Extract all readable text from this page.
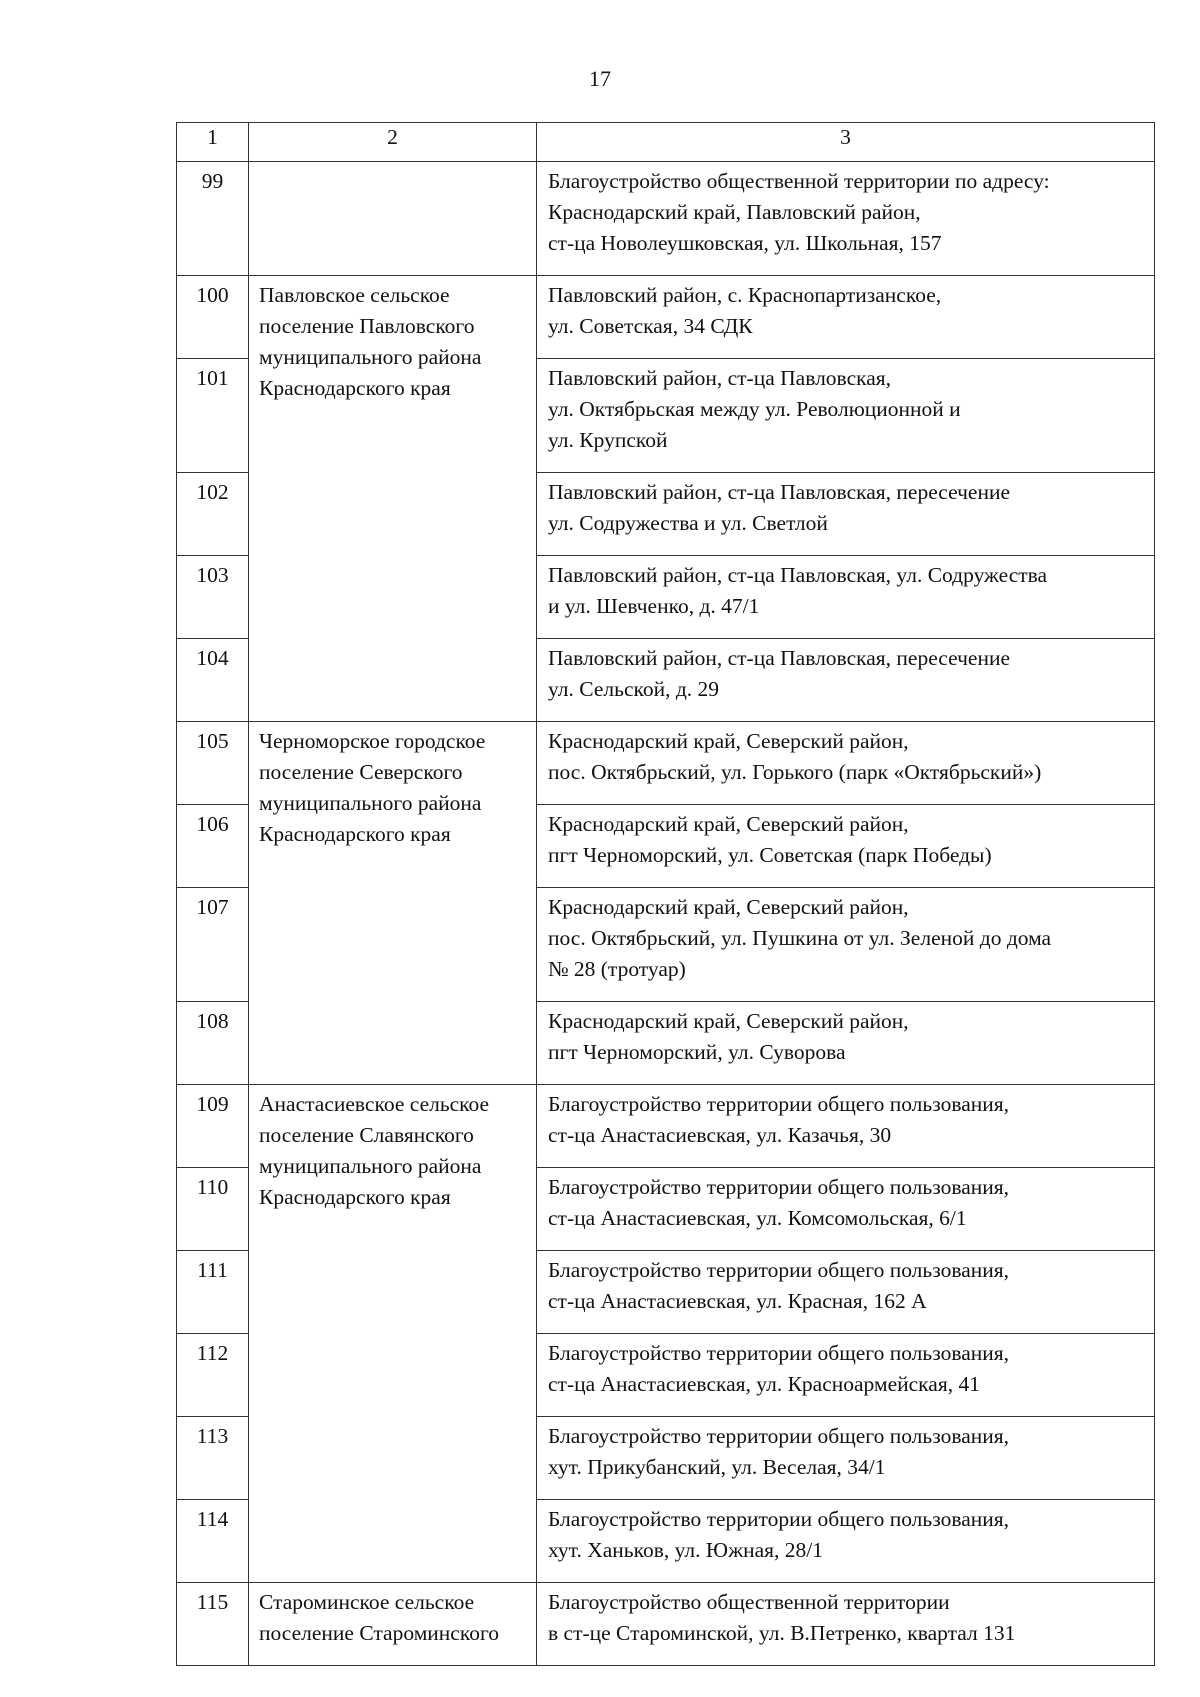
17
1	2	3
99		Благоустройство общественной территории по адресу:
Краснодарский край, Павловский район,
ст-ца Новолеушковская, ул. Школьная, 157

100	Павловское сельское поселение Павловского муниципального района Краснодарского края	Павловский район, с. Краснопартизанское,
ул. Советская, 34 СДК

101		Павловский район, ст-ца Павловская,
ул. Октябрьская между ул. Революционной и
ул. Крупской

102		Павловский район, ст-ца Павловская, пересечение
ул. Содружества и ул. Светлой

103		Павловский район, ст-ца Павловская, ул. Содружества
и ул. Шевченко, д. 47/1

104		Павловский район, ст-ца Павловская, пересечение
ул. Сельской, д. 29

105	Черноморское городское поселение Северского муниципального района Краснодарского края	Краснодарский край, Северский район,
пос. Октябрьский, ул. Горького (парк «Октябрьский»)

106		Краснодарский край, Северский район,
пгт Черноморский, ул. Советская (парк Победы)

107		Краснодарский край, Северский район,
пос. Октябрьский, ул. Пушкина от ул. Зеленой до дома
№ 28 (тротуар)

108		Краснодарский край, Северский район,
пгт Черноморский, ул. Суворова

109	Анастасиевское сельское поселение Славянского муниципального района Краснодарского края	Благоустройство территории общего пользования,
ст-ца Анастасиевская, ул. Казачья, 30

110		Благоустройство территории общего пользования,
ст-ца Анастасиевская, ул. Комсомольская, 6/1

111		Благоустройство территории общего пользования,
ст-ца Анастасиевская, ул. Красная, 162 А

112		Благоустройство территории общего пользования,
ст-ца Анастасиевская, ул. Красноармейская, 41

113		Благоустройство территории общего пользования,
хут. Прикубанский, ул. Веселая, 34/1

114		Благоустройство территории общего пользования,
хут. Ханьков, ул. Южная, 28/1

115	Староминское сельское поселение Староминского	Благоустройство общественной территории
в ст-це Староминской, ул. В.Петренко, квартал 131
